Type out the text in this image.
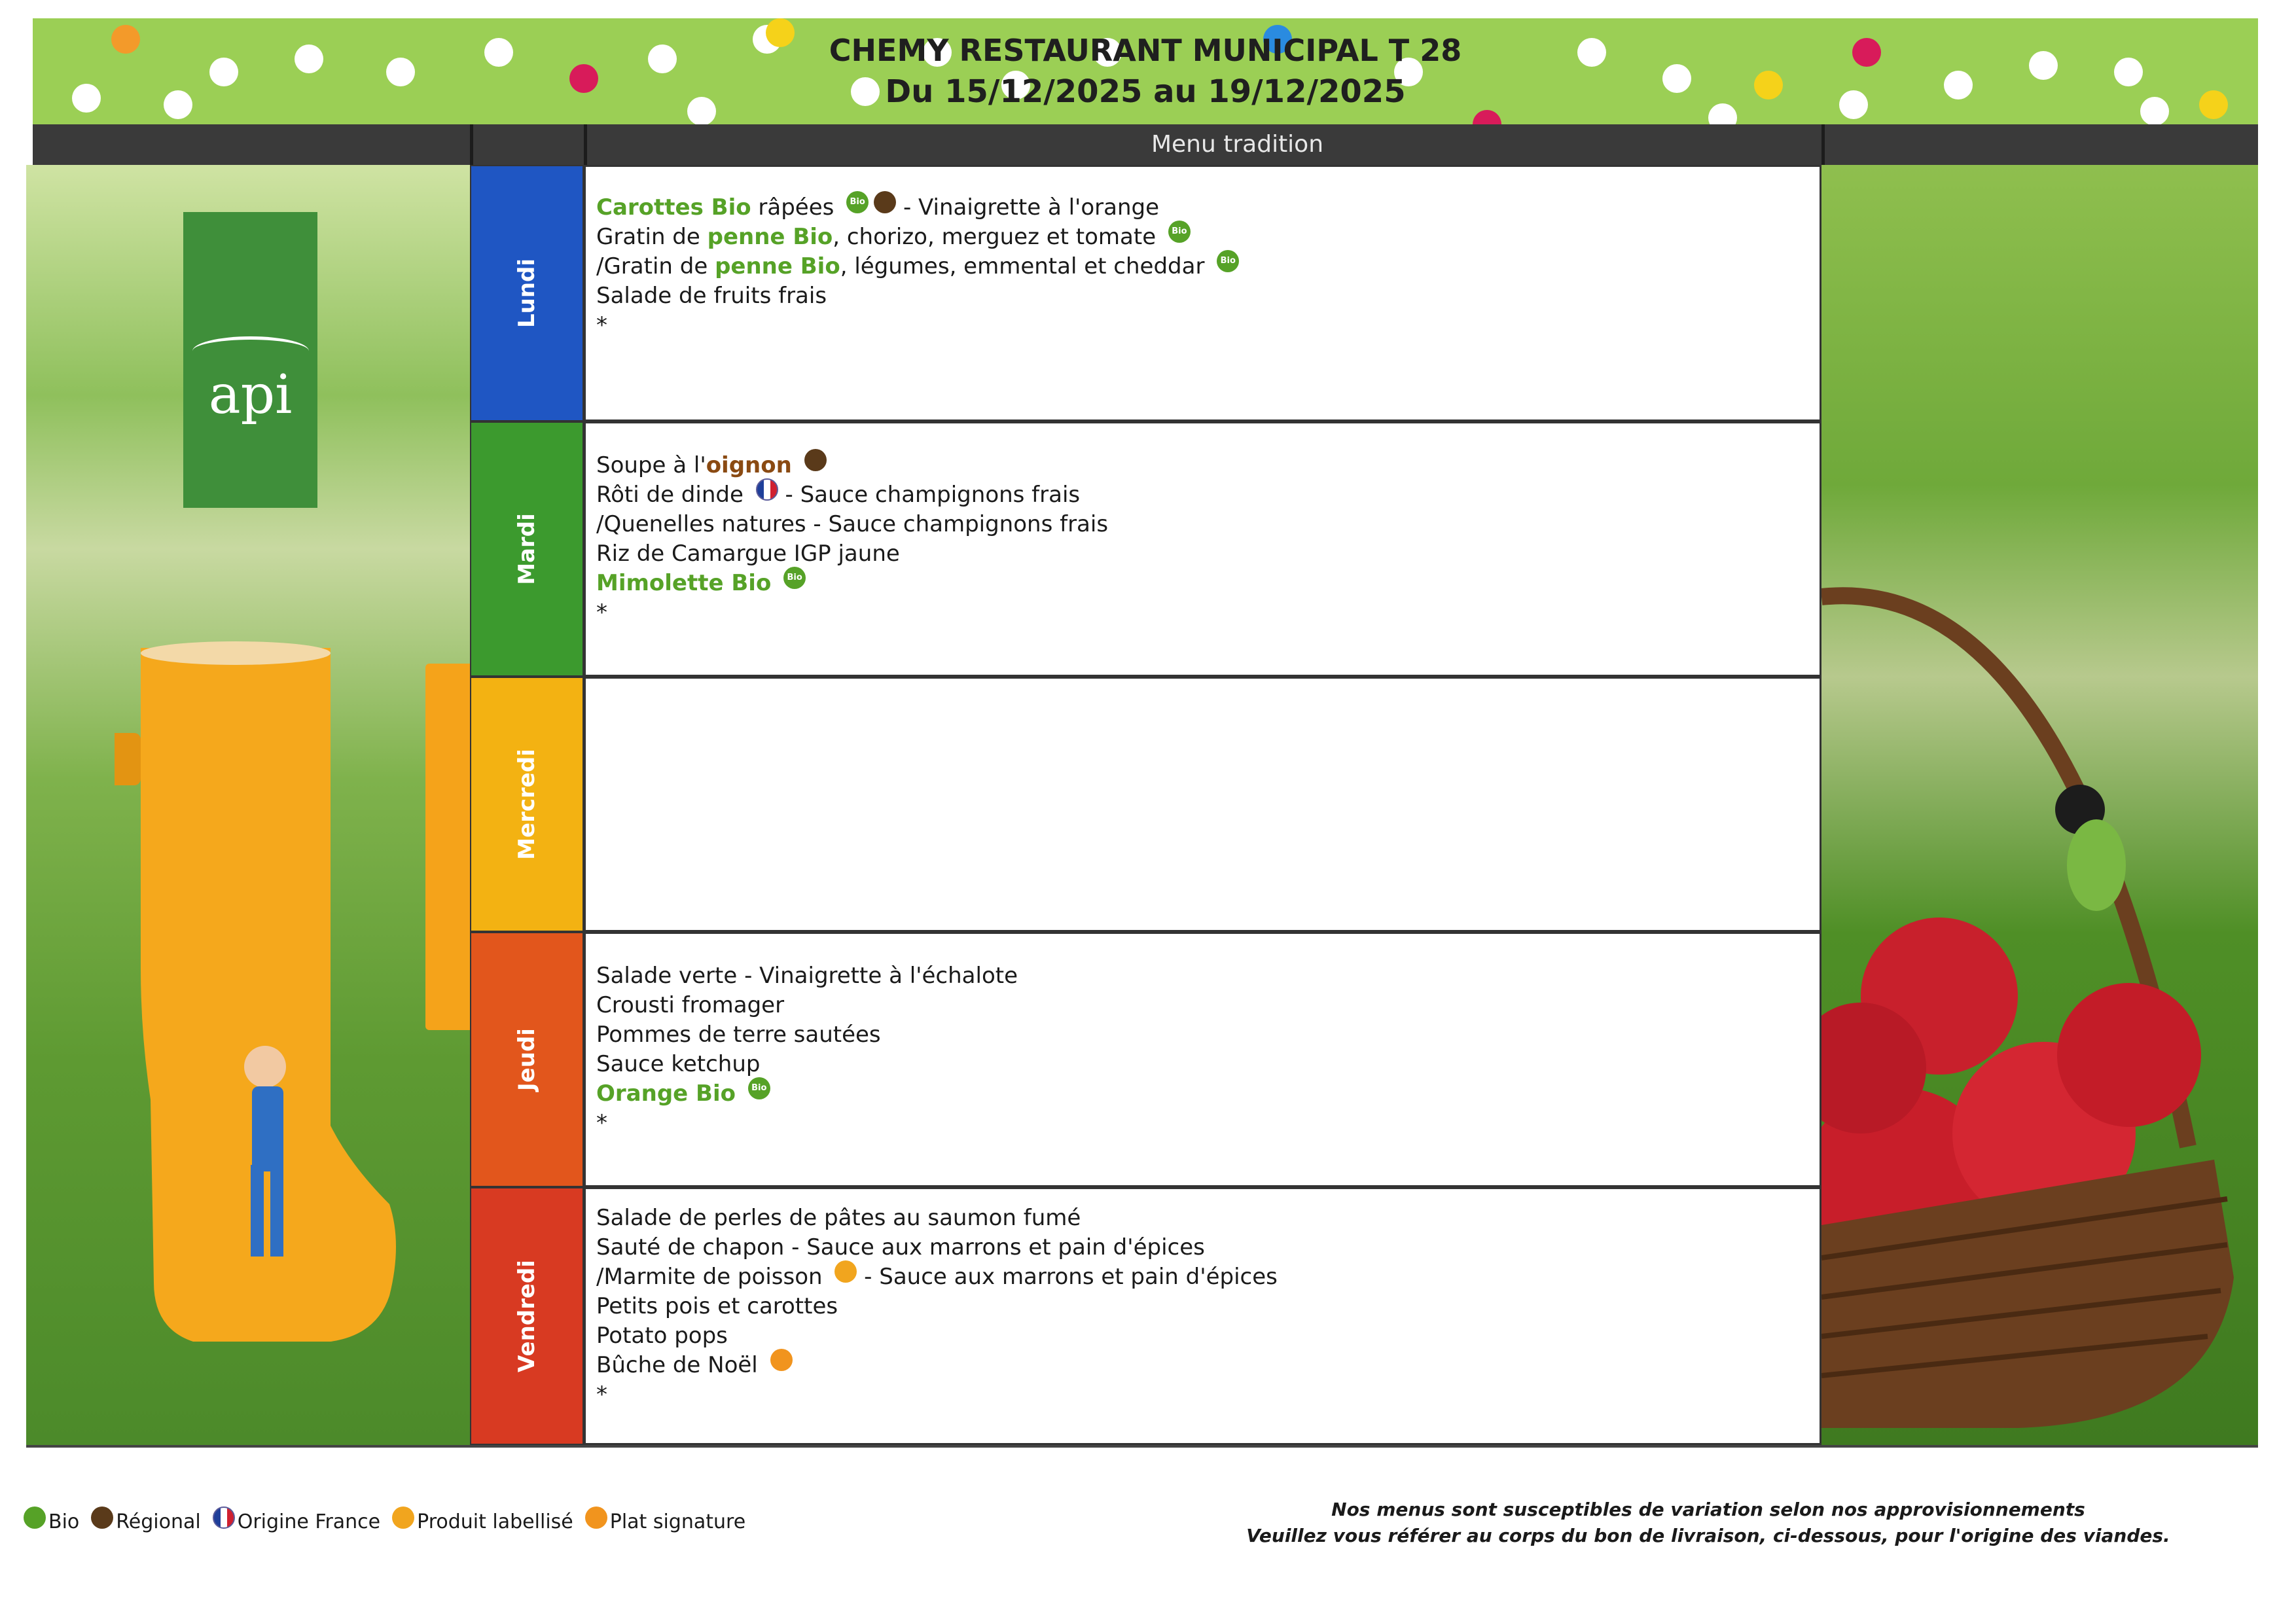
CHEMY RESTAURANT MUNICIPAL T 28
Du 15/12/2025 au 19/12/2025
Menu tradition
api
Lundi
Carottes Bio râpées Bio - Vinaigrette à l'orange
Gratin de penne Bio, chorizo, merguez et tomate Bio
/Gratin de penne Bio, légumes, emmental et cheddar Bio
Salade de fruits frais
*
Mardi
Soupe à l'oignon
Rôti de dinde  - Sauce champignons frais
/Quenelles natures - Sauce champignons frais
Riz de Camargue IGP jaune
Mimolette Bio Bio
*
Mercredi
Jeudi
Salade verte - Vinaigrette à l'échalote
Crousti fromager
Pommes de terre sautées
Sauce ketchup
Orange Bio Bio
*
Vendredi
Salade de perles de pâtes au saumon fumé
Sauté de chapon - Sauce aux marrons et pain d'épices
/Marmite de poisson  - Sauce aux marrons et pain d'épices
Petits pois et carottes
Potato pops
Bûche de Noël
*
Bio Régional Origine France Produit labellisé Plat signature
Nos menus sont susceptibles de variation selon nos approvisionnements
Veuillez vous référer au corps du bon de livraison, ci-dessous, pour l'origine des viandes.
